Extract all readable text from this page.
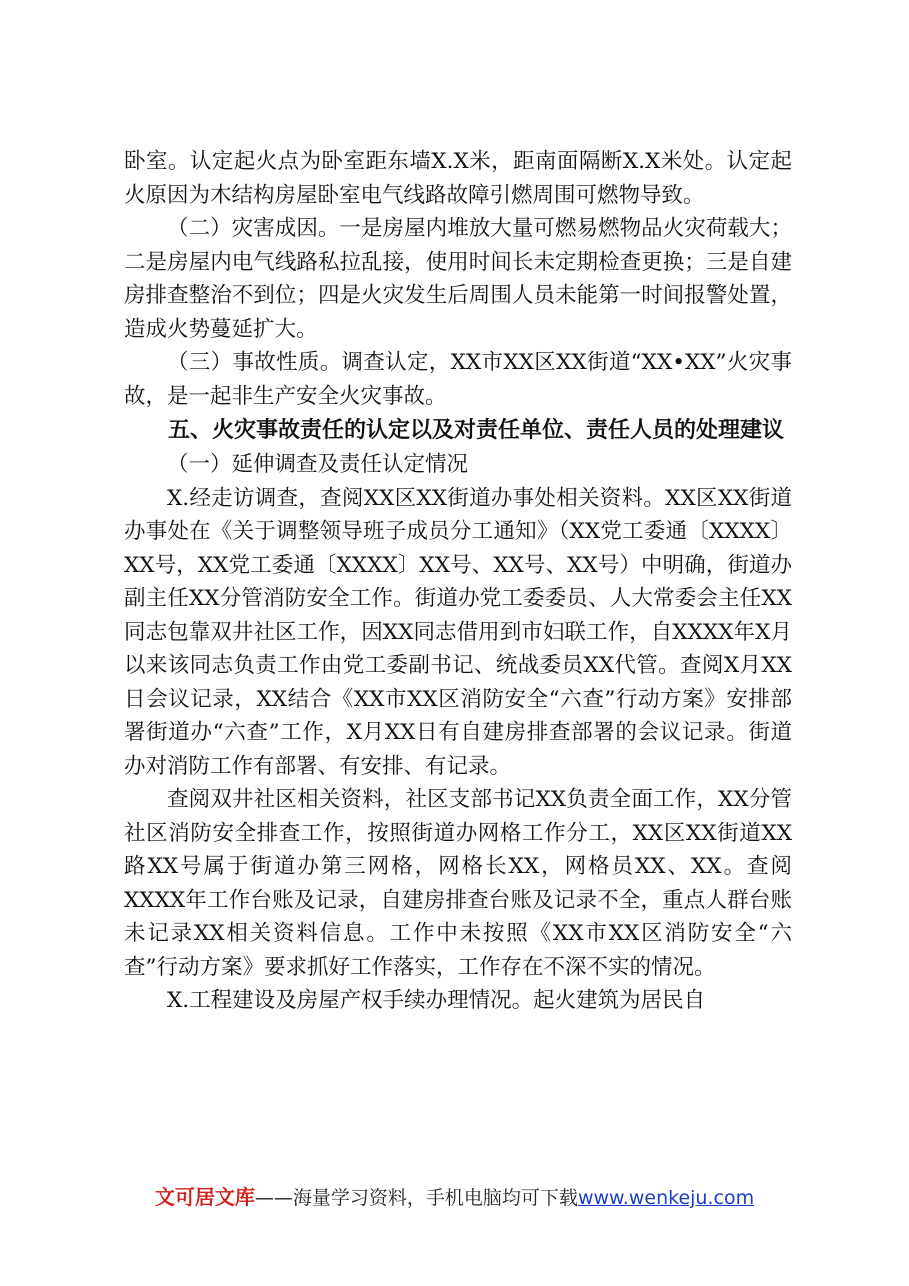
卧室。认定起火点为卧室距东墙X.X米，距南面隔断X.X米处。认定起火原因为木结构房屋卧室电气线路故障引燃周围可燃物导致。

（二）灾害成因。一是房屋内堆放大量可燃易燃物品火灾荷载大；二是房屋内电气线路私拉乱接，使用时间长未定期检查更换；三是自建房排查整治不到位；四是火灾发生后周围人员未能第一时间报警处置，造成火势蔓延扩大。

（三）事故性质。调查认定，XX市XX区XX街道“XX•XX”火灾事故，是一起非生产安全火灾事故。

五、火灾事故责任的认定以及对责任单位、责任人员的处理建议

（一）延伸调查及责任认定情况

X.经走访调查，查阅XX区XX街道办事处相关资料。XX区XX街道办事处在《关于调整领导班子成员分工通知》（XX党工委通〔XXXX〕XX号，XX党工委通〔XXXX〕XX号、XX号、XX号）中明确，街道办副主任XX分管消防安全工作。街道办党工委委员、人大常委会主任XX同志包靠双井社区工作，因XX同志借用到市妇联工作，自XXXX年X月以来该同志负责工作由党工委副书记、统战委员XX代管。查阅X月XX日会议记录，XX结合《XX市XX区消防安全“六查”行动方案》安排部署街道办“六查”工作，X月XX日有自建房排查部署的会议记录。街道办对消防工作有部署、有安排、有记录。

查阅双井社区相关资料，社区支部书记XX负责全面工作，XX分管社区消防安全排查工作，按照街道办网格工作分工，XX区XX街道XX路XX号属于街道办第三网格，网格长XX，网格员XX、XX。查阅XXXX年工作台账及记录，自建房排查台账及记录不全，重点人群台账未记录XX相关资料信息。工作中未按照《XX市XX区消防安全“六查”行动方案》要求抓好工作落实，工作存在不深不实的情况。

X.工程建设及房屋产权手续办理情况。起火建筑为居民自

文可居文库——海量学习资料，手机电脑均可下载www.wenkeju.com
